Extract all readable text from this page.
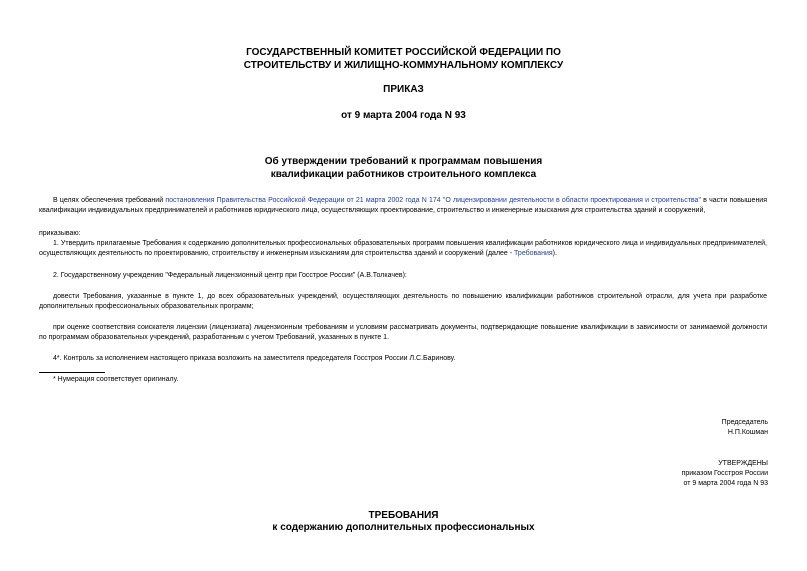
ГОСУДАРСТВЕННЫЙ КОМИТЕТ РОССИЙСКОЙ ФЕДЕРАЦИИ ПО
СТРОИТЕЛЬСТВУ И ЖИЛИЩНО-КОММУНАЛЬНОМУ КОМПЛЕКСУ
ПРИКАЗ
от 9 марта 2004 года N 93
Об утверждении требований к программам повышения
квалификации работников строительного комплекса
В целях обеспечения требований постановления Правительства Российской Федерации от 21 марта 2002 года N 174 "О лицензировании деятельности в области проектирования и строительства" в части повышения квалификации индивидуальных предпринимателей и работников юридического лица, осуществляющих проектирование, строительство и инженерные изыскания для строительства зданий и сооружений,
приказываю:
1. Утвердить прилагаемые Требования к содержанию дополнительных профессиональных образовательных программ повышения квалификации работников юридического лица и индивидуальных предпринимателей, осуществляющих деятельность по проектированию, строительству и инженерным изысканиям для строительства зданий и сооружений (далее - Требования).
2. Государственному учреждению "Федеральный лицензионный центр при Госстрое России" (А.В.Толкачев):
довести Требования, указанные в пункте 1, до всех образовательных учреждений, осуществляющих деятельность по повышению квалификации работников строительной отрасли, для учета при разработке дополнительных профессиональных образовательных программ;
при оценке соответствия соискателя лицензии (лицензиата) лицензионным требованиям и условиям рассматривать документы, подтверждающие повышение квалификации в зависимости от занимаемой должности по программам образовательных учреждений, разработанным с учетом Требований, указанных в пункте 1.
4*. Контроль за исполнением настоящего приказа возложить на заместителя председателя Госстроя России Л.С.Баринову.
* Нумерация соответствует оригиналу.
Председатель
Н.П.Кошман
УТВЕРЖДЕНЫ
приказом Госстроя России
от 9 марта 2004 года N 93
ТРЕБОВАНИЯ
к содержанию дополнительных профессиональных
